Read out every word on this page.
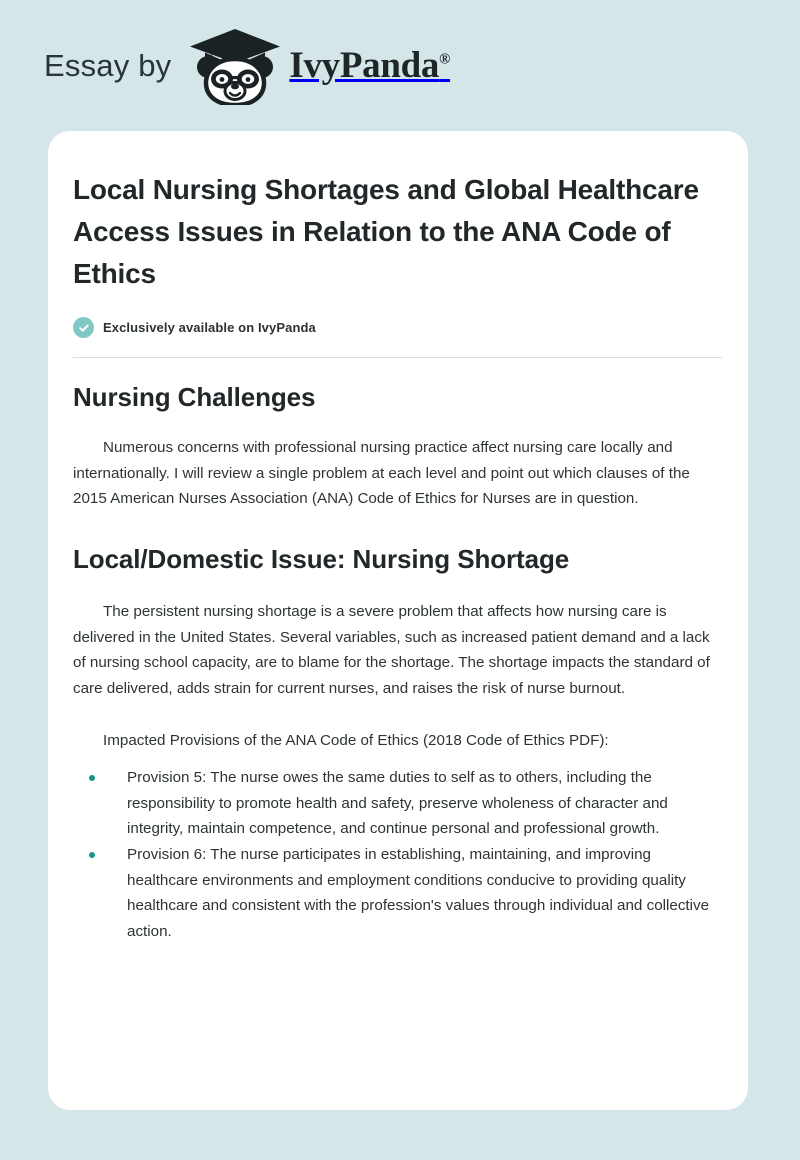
Essay by	IvyPanda®
Local Nursing Shortages and Global Healthcare Access Issues in Relation to the ANA Code of Ethics
Exclusively available on IvyPanda
Nursing Challenges

Numerous concerns with professional nursing practice affect nursing care locally and internationally. I will review a single problem at each level and point out which clauses of the 2015 American Nurses Association (ANA) Code of Ethics for Nurses are in question.

Local/Domestic Issue: Nursing Shortage

The persistent nursing shortage is a severe problem that affects how nursing care is delivered in the United States. Several variables, such as increased patient demand and a lack of nursing school capacity, are to blame for the shortage. The shortage impacts the standard of care delivered, adds strain for current nurses, and raises the risk of nurse burnout.

Impacted Provisions of the ANA Code of Ethics (2018 Code of Ethics PDF):

Provision 5: The nurse owes the same duties to self as to others, including the responsibility to promote health and safety, preserve wholeness of character and integrity, maintain competence, and continue personal and professional growth.
Provision 6: The nurse participates in establishing, maintaining, and improving healthcare environments and employment conditions conducive to providing quality healthcare and consistent with the profession's values through individual and collective action.
